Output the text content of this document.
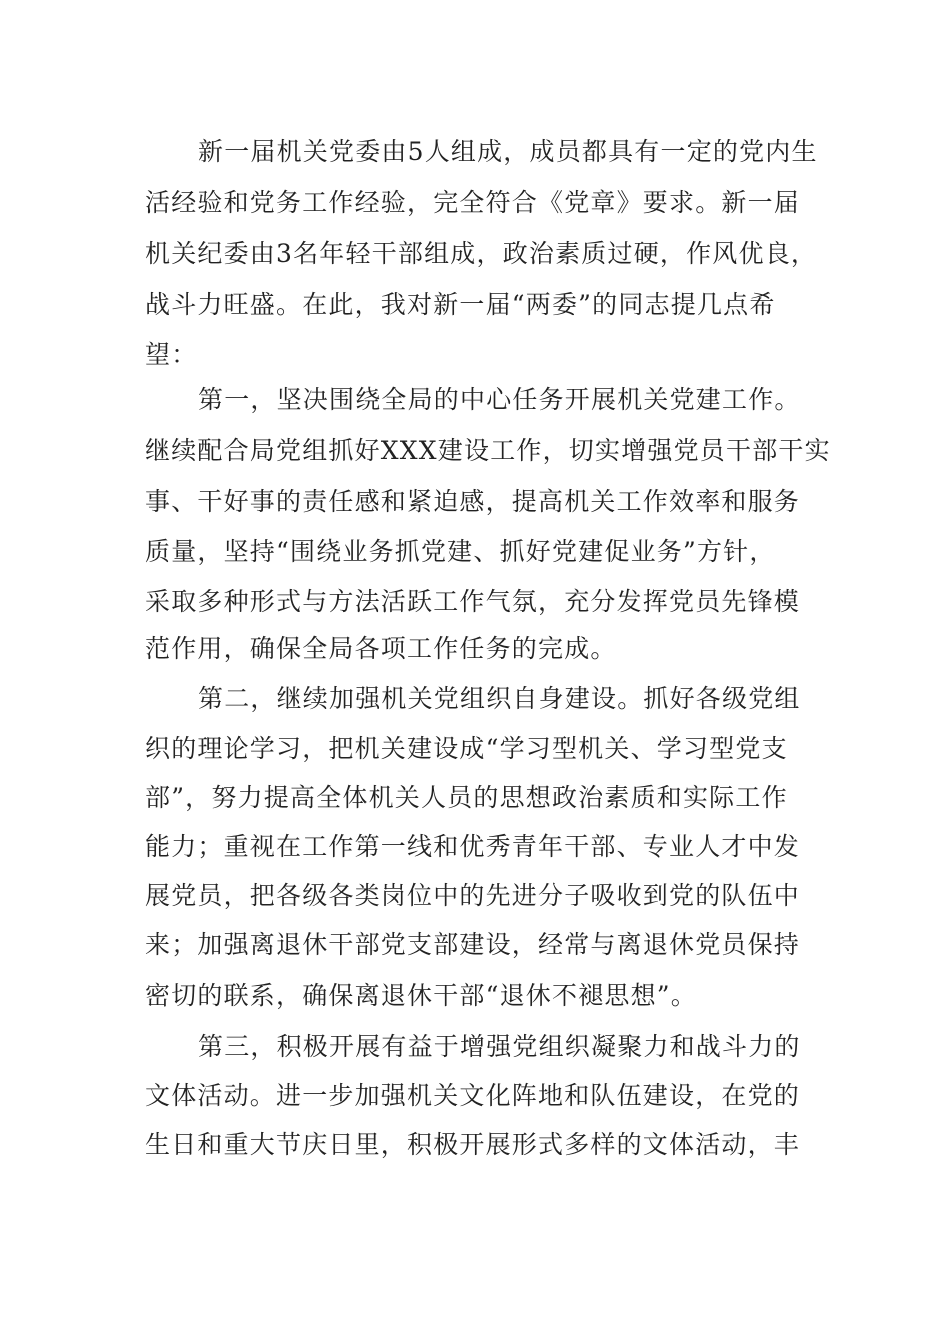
新一届机关党委由5人组成，成员都具有一定的党内生
活经验和党务工作经验，完全符合《党章》要求。新一届
机关纪委由3名年轻干部组成，政治素质过硬，作风优良，
战斗力旺盛。在此，我对新一届“两委”的同志提几点希
望：
第一，坚决围绕全局的中心任务开展机关党建工作。
继续配合局党组抓好XXX建设工作，切实增强党员干部干实
事、干好事的责任感和紧迫感，提高机关工作效率和服务
质量，坚持“围绕业务抓党建、抓好党建促业务”方针，
采取多种形式与方法活跃工作气氛，充分发挥党员先锋模
范作用，确保全局各项工作任务的完成。
第二，继续加强机关党组织自身建设。抓好各级党组
织的理论学习，把机关建设成“学习型机关、学习型党支
部”，努力提高全体机关人员的思想政治素质和实际工作
能力；重视在工作第一线和优秀青年干部、专业人才中发
展党员，把各级各类岗位中的先进分子吸收到党的队伍中
来；加强离退休干部党支部建设，经常与离退休党员保持
密切的联系，确保离退休干部“退休不褪思想”。
第三，积极开展有益于增强党组织凝聚力和战斗力的
文体活动。进一步加强机关文化阵地和队伍建设，在党的
生日和重大节庆日里，积极开展形式多样的文体活动，丰
